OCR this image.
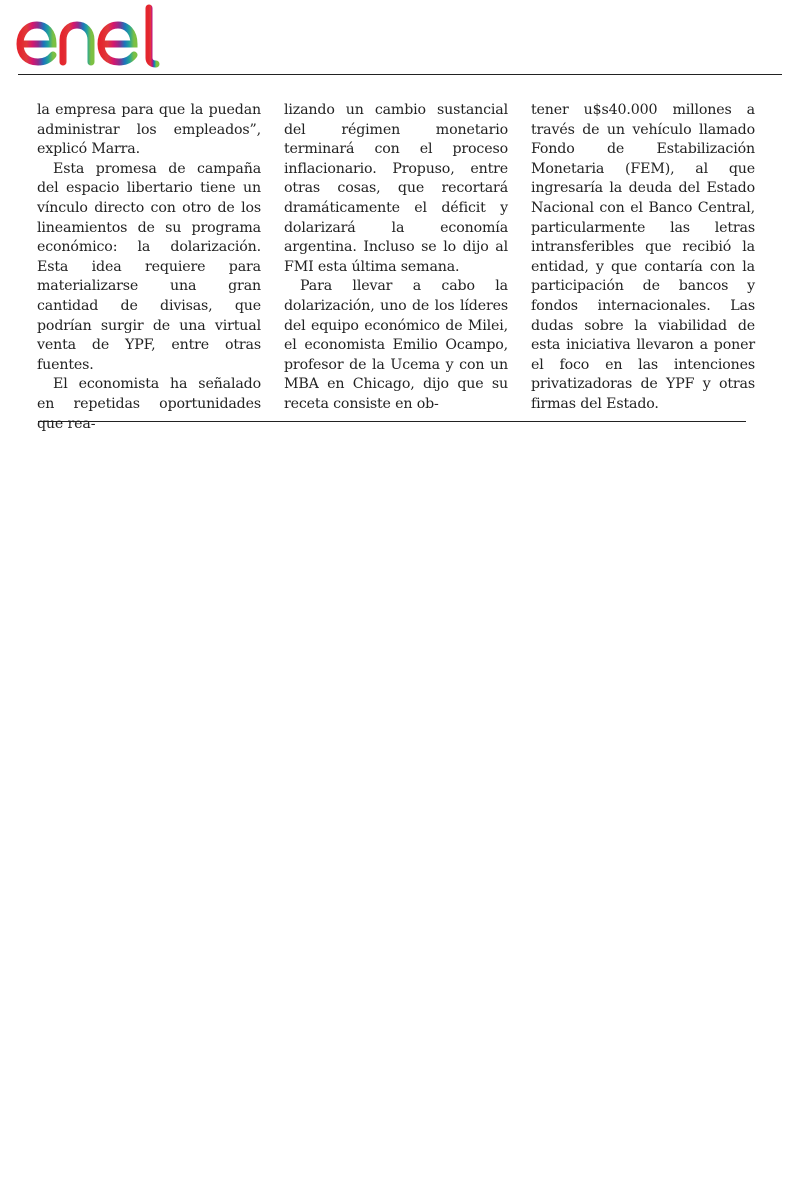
la empresa para que la puedan administrar los empleados”, explicó Marra.

Esta promesa de campaña del espacio libertario tiene un vínculo directo con otro de los lineamientos de su programa económico: la dolarización. Esta idea requiere para materializarse una gran cantidad de divisas, que podrían surgir de una virtual venta de YPF, entre otras fuentes.

El economista ha señalado en repetidas oportunidades que rea-

lizando un cambio sustancial del régimen monetario terminará con el proceso inflacionario. Propuso, entre otras cosas, que recortará dramáticamente el déficit y dolarizará la economía argentina. Incluso se lo dijo al FMI esta última semana.

Para llevar a cabo la dolarización, uno de los líderes del equipo económico de Milei, el economista Emilio Ocampo, profesor de la Ucema y con un MBA en Chicago, dijo que su receta consiste en ob-

tener u$s40.000 millones a través de un vehículo llamado Fondo de Estabilización Monetaria (FEM), al que ingresaría la deuda del Estado Nacional con el Banco Central, particularmente las letras intransferibles que recibió la entidad, y que contaría con la participación de bancos y fondos internacionales. Las dudas sobre la viabilidad de esta iniciativa llevaron a poner el foco en las intenciones privatizadoras de YPF y otras firmas del Estado.
